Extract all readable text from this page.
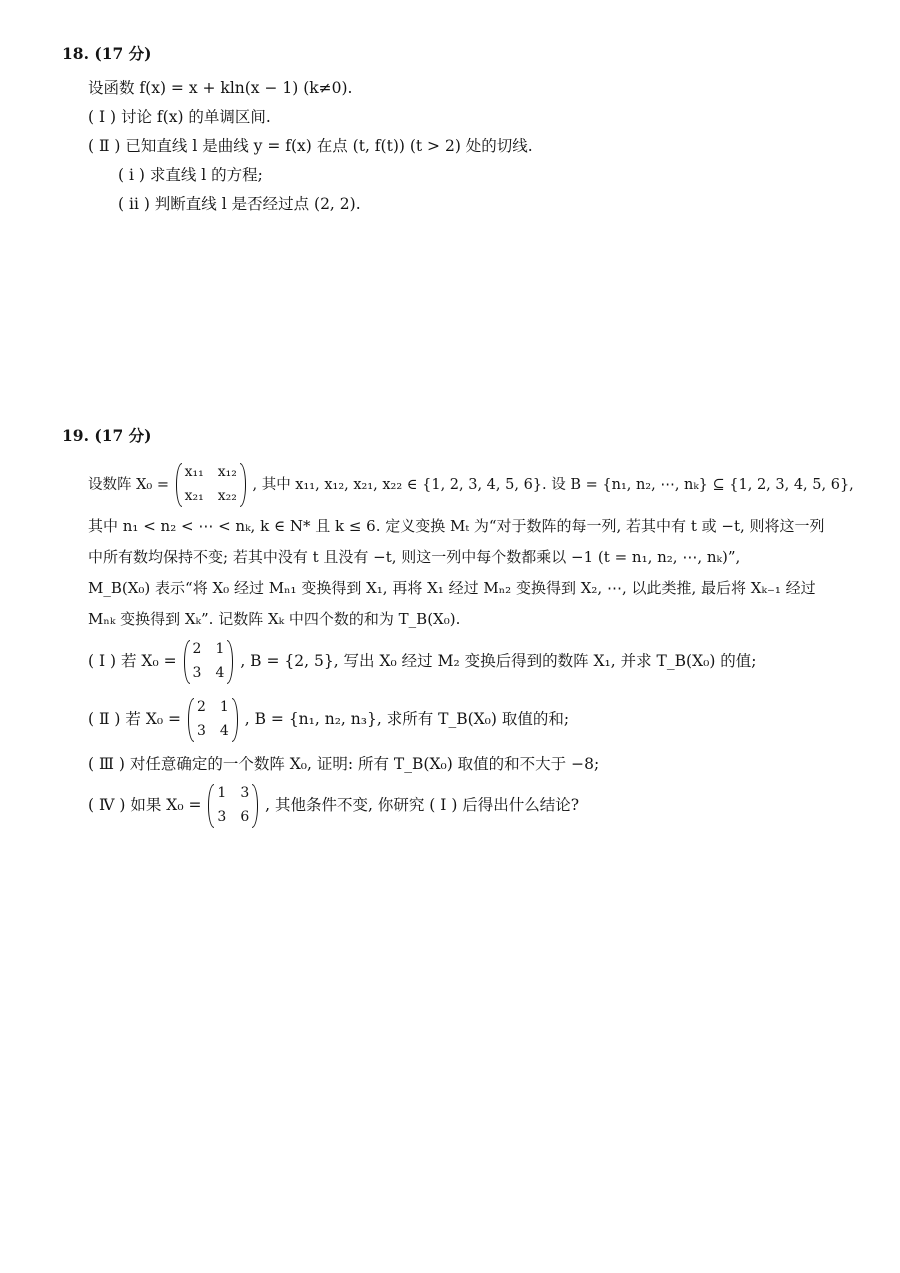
18. (17 分)
设函数 f(x) = x + kln(x − 1) (k≠0).
( Ⅰ ) 讨论 f(x) 的单调区间.
( Ⅱ ) 已知直线 l 是曲线 y = f(x) 在点 (t, f(t)) (t > 2) 处的切线.
( ⅰ ) 求直线 l 的方程;
( ⅱ ) 判断直线 l 是否经过点 (2, 2).
19. (17 分)
设数阵 X₀ =
x₁₁ x₁₂
x₂₁ x₂₂
, 其中 x₁₁, x₁₂, x₂₁, x₂₂ ∈ {1, 2, 3, 4, 5, 6}. 设 B = {n₁, n₂, ⋯, nₖ} ⊆ {1, 2, 3, 4, 5, 6},
其中 n₁ < n₂ < ⋯ < nₖ, k ∈ N* 且 k ≤ 6. 定义变换 Mₜ 为“对于数阵的每一列, 若其中有 t 或 −t, 则将这一列
中所有数均保持不变; 若其中没有 t 且没有 −t, 则这一列中每个数都乘以 −1 (t = n₁, n₂, ⋯, nₖ)”,
M_B(X₀) 表示“将 X₀ 经过 Mₙ₁ 变换得到 X₁, 再将 X₁ 经过 Mₙ₂ 变换得到 X₂, ⋯, 以此类推, 最后将 Xₖ₋₁ 经过
Mₙₖ 变换得到 Xₖ”. 记数阵 Xₖ 中四个数的和为 T_B(X₀).
( Ⅰ ) 若 X₀ =
2 1
3 4
, B = {2, 5}, 写出 X₀ 经过 M₂ 变换后得到的数阵 X₁, 并求 T_B(X₀) 的值;
( Ⅱ ) 若 X₀ =
2 1
3 4
, B = {n₁, n₂, n₃}, 求所有 T_B(X₀) 取值的和;
( Ⅲ ) 对任意确定的一个数阵 X₀, 证明: 所有 T_B(X₀) 取值的和不大于 −8;
( Ⅳ ) 如果 X₀ =
1 3
3 6
, 其他条件不变, 你研究 ( Ⅰ ) 后得出什么结论?
